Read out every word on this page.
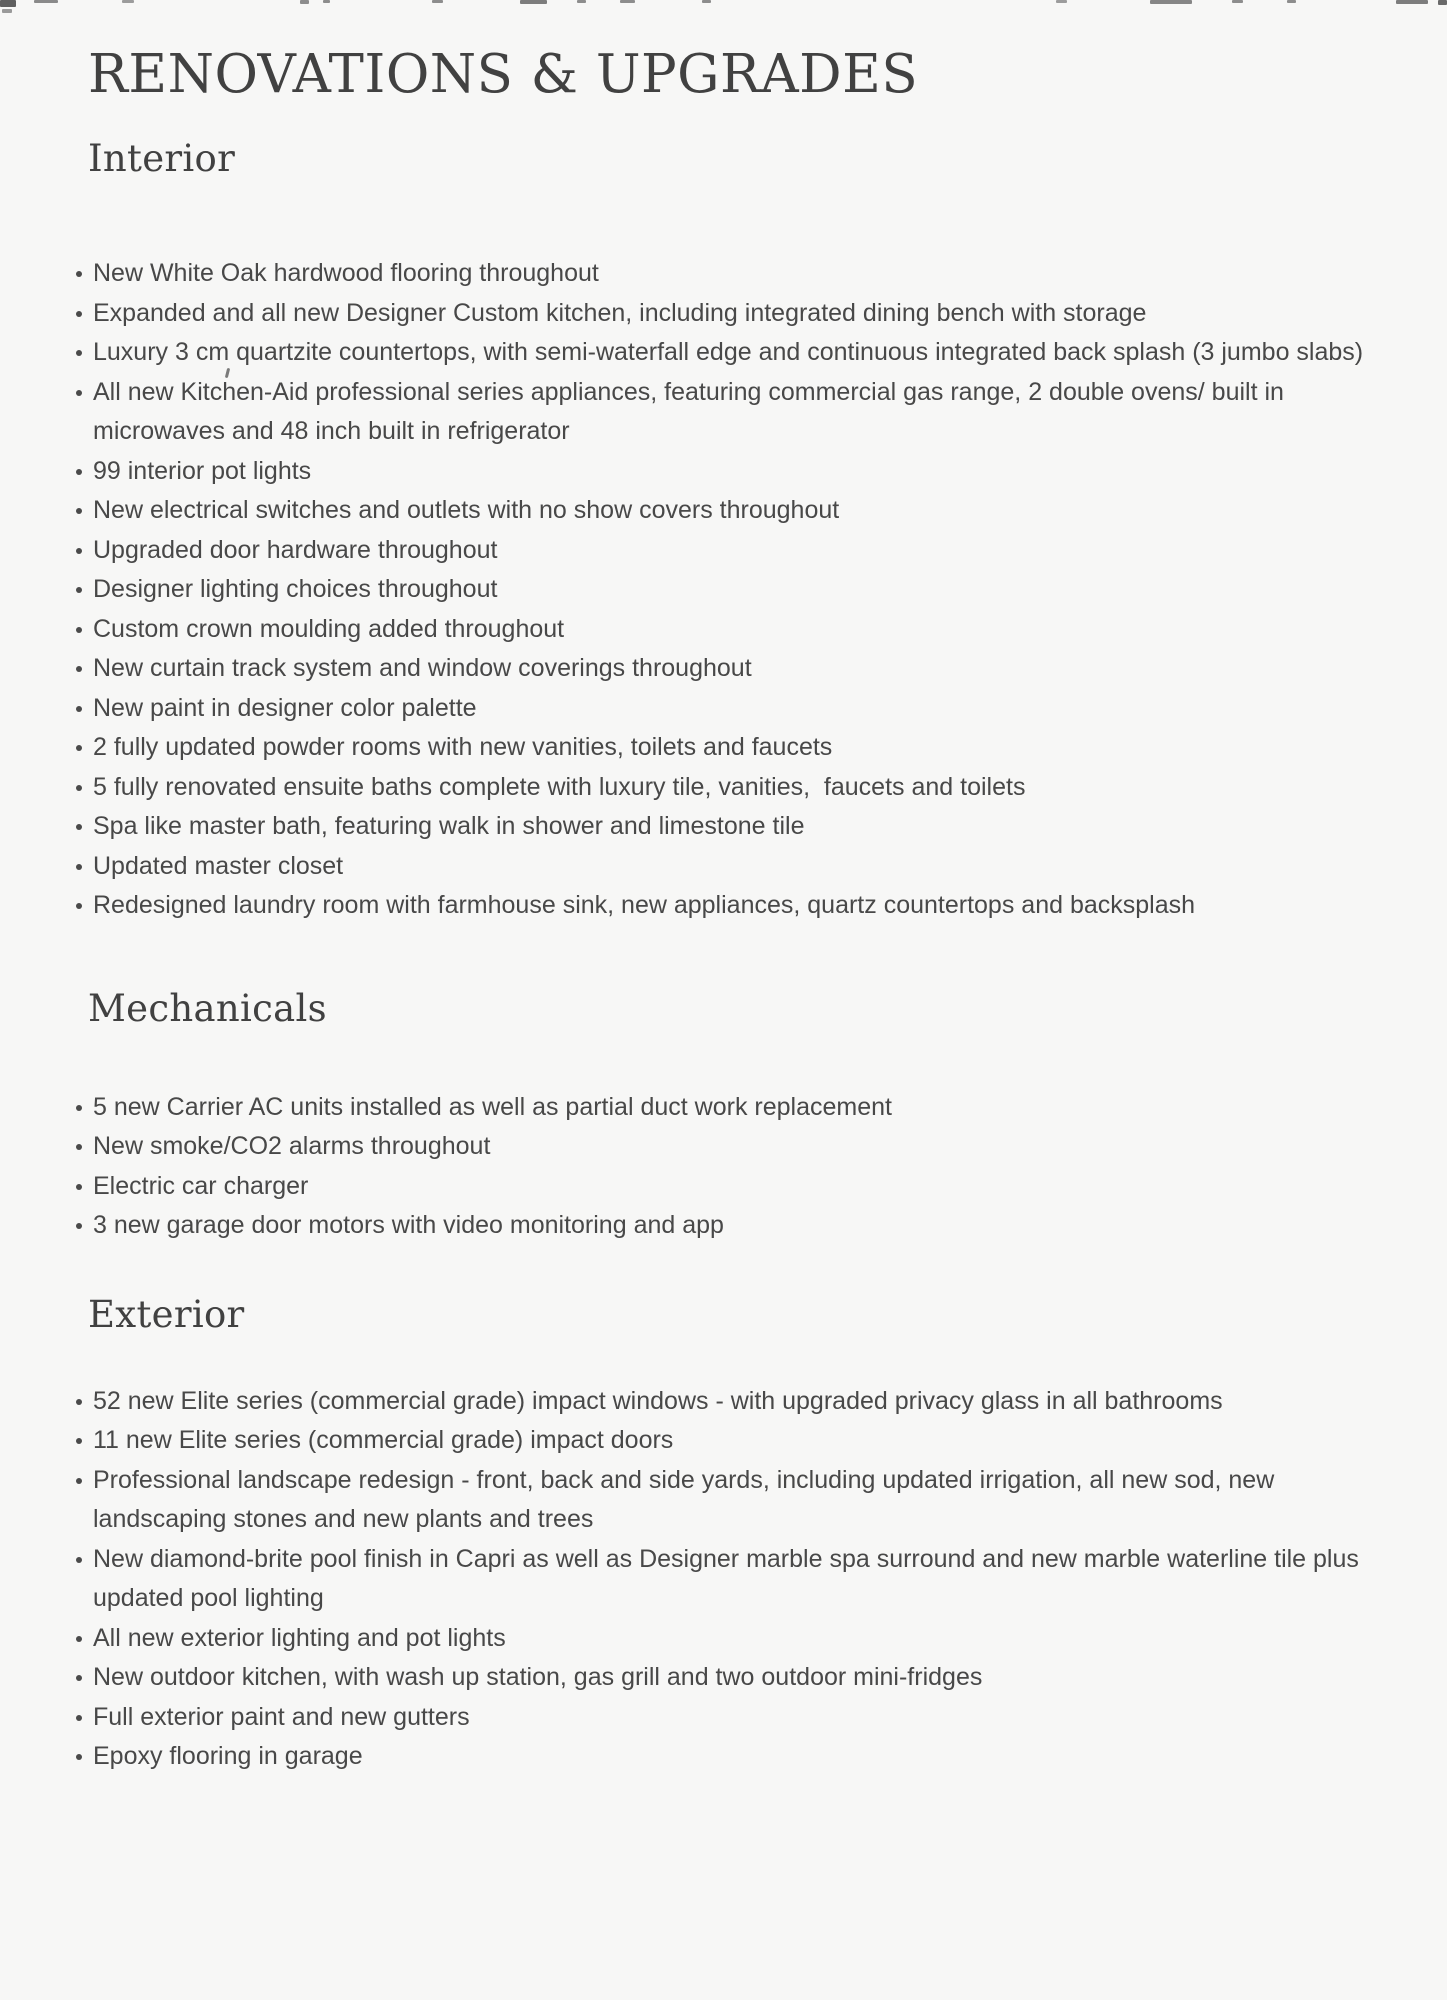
RENOVATIONS & UPGRADES
Interior
New White Oak hardwood flooring throughout
Expanded and all new Designer Custom kitchen, including integrated dining bench with storage
Luxury 3 cm quartzite countertops, with semi-waterfall edge and continuous integrated back splash (3 jumbo slabs)
All new Kitchen-Aid professional series appliances, featuring commercial gas range, 2 double ovens/ built in microwaves and 48 inch built in refrigerator
99 interior pot lights
New electrical switches and outlets with no show covers throughout
Upgraded door hardware throughout
Designer lighting choices throughout
Custom crown moulding added throughout
New curtain track system and window coverings throughout
New paint in designer color palette
2 fully updated powder rooms with new vanities, toilets and faucets
5 fully renovated ensuite baths complete with luxury tile, vanities,  faucets and toilets
Spa like master bath, featuring walk in shower and limestone tile
Updated master closet
Redesigned laundry room with farmhouse sink, new appliances, quartz countertops and backsplash
Mechanicals
5 new Carrier AC units installed as well as partial duct work replacement
New smoke/CO2 alarms throughout
Electric car charger
3 new garage door motors with video monitoring and app
Exterior
52 new Elite series (commercial grade) impact windows - with upgraded privacy glass in all bathrooms
11 new Elite series (commercial grade) impact doors
Professional landscape redesign - front, back and side yards, including updated irrigation, all new sod, new landscaping stones and new plants and trees
New diamond-brite pool finish in Capri as well as Designer marble spa surround and new marble waterline tile plus updated pool lighting
All new exterior lighting and pot lights
New outdoor kitchen, with wash up station, gas grill and two outdoor mini-fridges
Full exterior paint and new gutters
Epoxy flooring in garage
